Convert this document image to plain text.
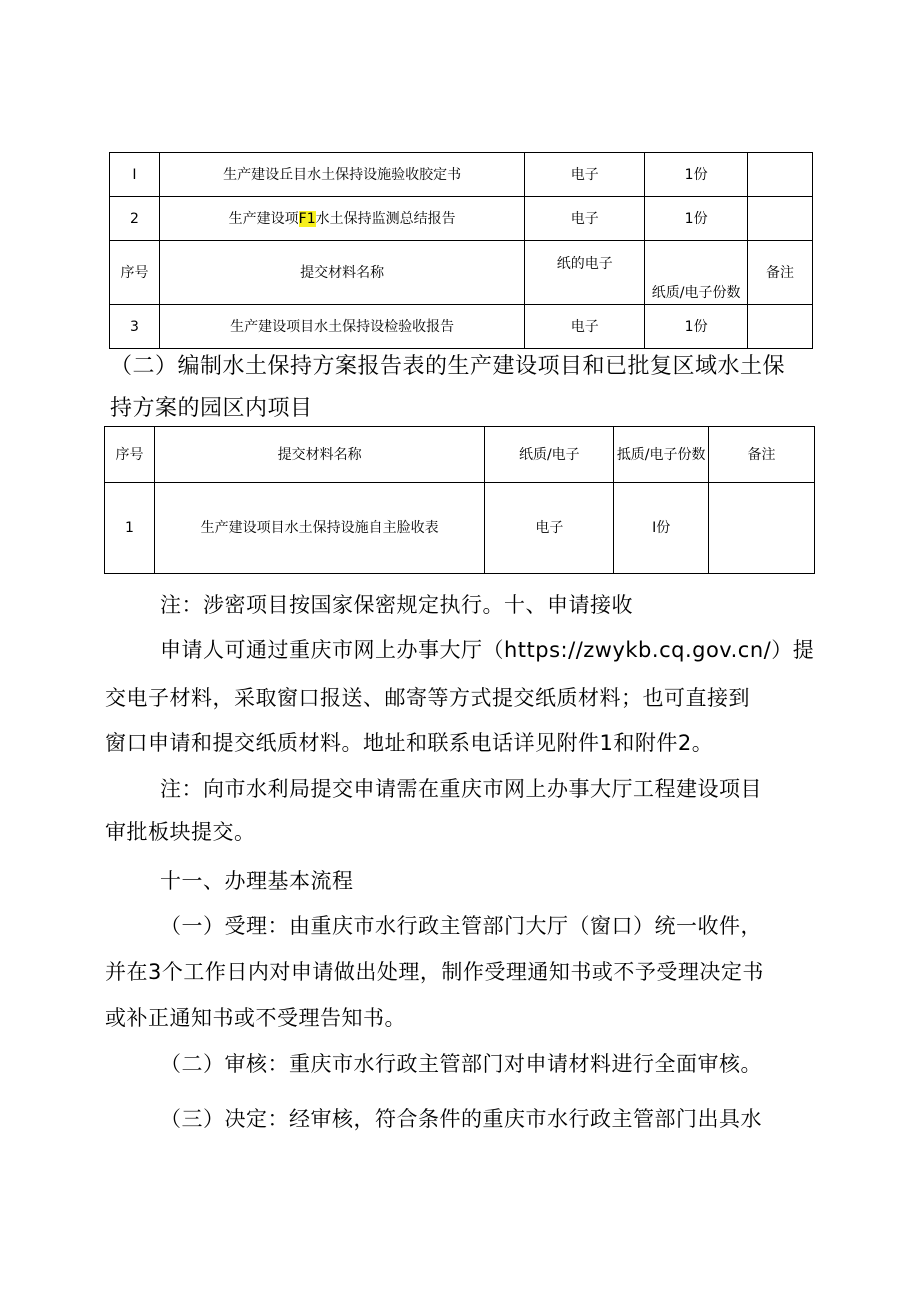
I	生产建设丘目水土保持设施验收胶定书	电子	1份	
2	生产建设项F1水土保持监测总结报告	电子	1份	
序号	提交材料名称	纸的电子	纸质/电子份数	备注
3	生产建设项目水土保持设检验收报告	电子	1份	

（二）编制水土保持方案报告表的生产建设项目和已批复区域水土保

持方案的园区内项目

序号	提交材料名称	纸质/电子	抵质/电子份数	备注
1	生产建设项目水土保持设施自主脸收表	电子	I份	

注：涉密项目按国家保密规定执行。十、申请接收

申请人可通过重庆市网上办事大厅（https://zwykb.cq.gov.cn/）提

交电子材料，采取窗口报送、邮寄等方式提交纸质材料；也可直接到

窗口申请和提交纸质材料。地址和联系电话详见附件1和附件2。

注：向市水利局提交申请需在重庆市网上办事大厅工程建设项目

审批板块提交。

十一、办理基本流程

（一）受理：由重庆市水行政主管部门大厅（窗口）统一收件，

并在3个工作日内对申请做出处理，制作受理通知书或不予受理决定书

或补正通知书或不受理告知书。

（二）审核：重庆市水行政主管部门对申请材料进行全面审核。

（三）决定：经审核，符合条件的重庆市水行政主管部门出具水
